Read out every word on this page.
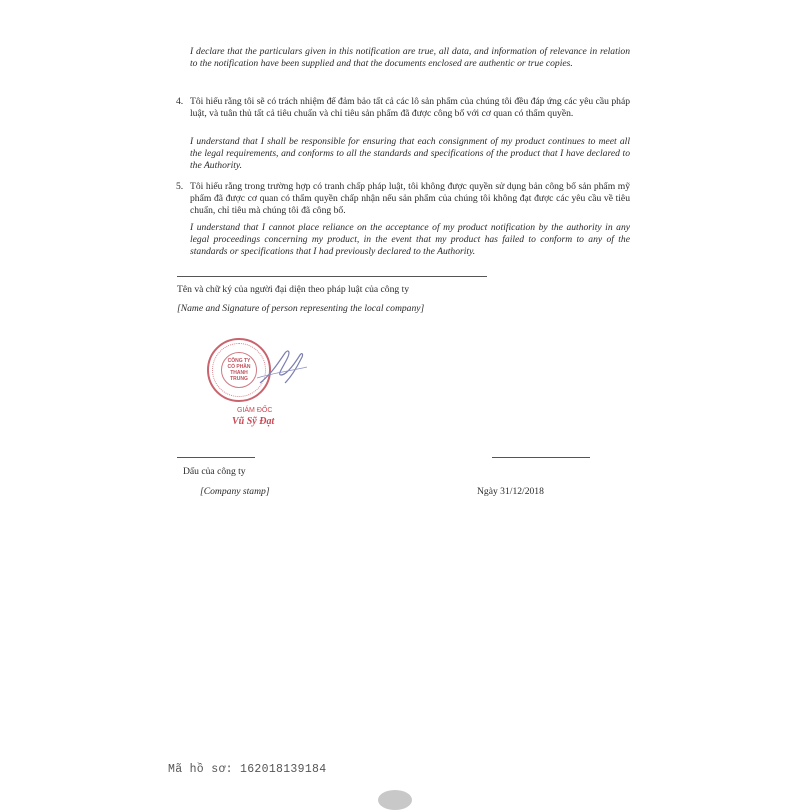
I declare that the particulars given in this notification are true, all data, and information of relevance in relation to the notification have been supplied and that the documents enclosed are authentic or true copies.
4. Tôi hiểu rằng tôi sẽ có trách nhiệm để đảm bảo tất cả các lô sản phẩm của chúng tôi đều đáp ứng các yêu cầu pháp luật, và tuân thủ tất cả tiêu chuẩn và chỉ tiêu sản phẩm đã được công bố với cơ quan có thẩm quyền.
I understand that I shall be responsible for ensuring that each consignment of my product continues to meet all the legal requirements, and conforms to all the standards and specifications of the product that I have declared to the Authority.
5. Tôi hiểu rằng trong trường hợp có tranh chấp pháp luật, tôi không được quyền sử dụng bản công bố sản phẩm mỹ phẩm đã được cơ quan có thẩm quyền chấp nhận nếu sản phẩm của chúng tôi không đạt được các yêu cầu về tiêu chuẩn, chỉ tiêu mà chúng tôi đã công bố.
I understand that I cannot place reliance on the acceptance of my product notification by the authority in any legal proceedings concerning my product, in the event that my product has failed to conform to any of the standards or specifications that I had previously declared to the Authority.
Tên và chữ ký của người đại diện theo pháp luật của công ty
[Name and Signature of person representing the local company]
CÔNG TY
CỔ PHẦN
THANH TRUNG
GIÁM ĐỐC
Vũ Sỹ Đạt
Dấu của công ty
[Company stamp]	Ngày 31/12/2018
Mã hồ sơ: 162018139184
